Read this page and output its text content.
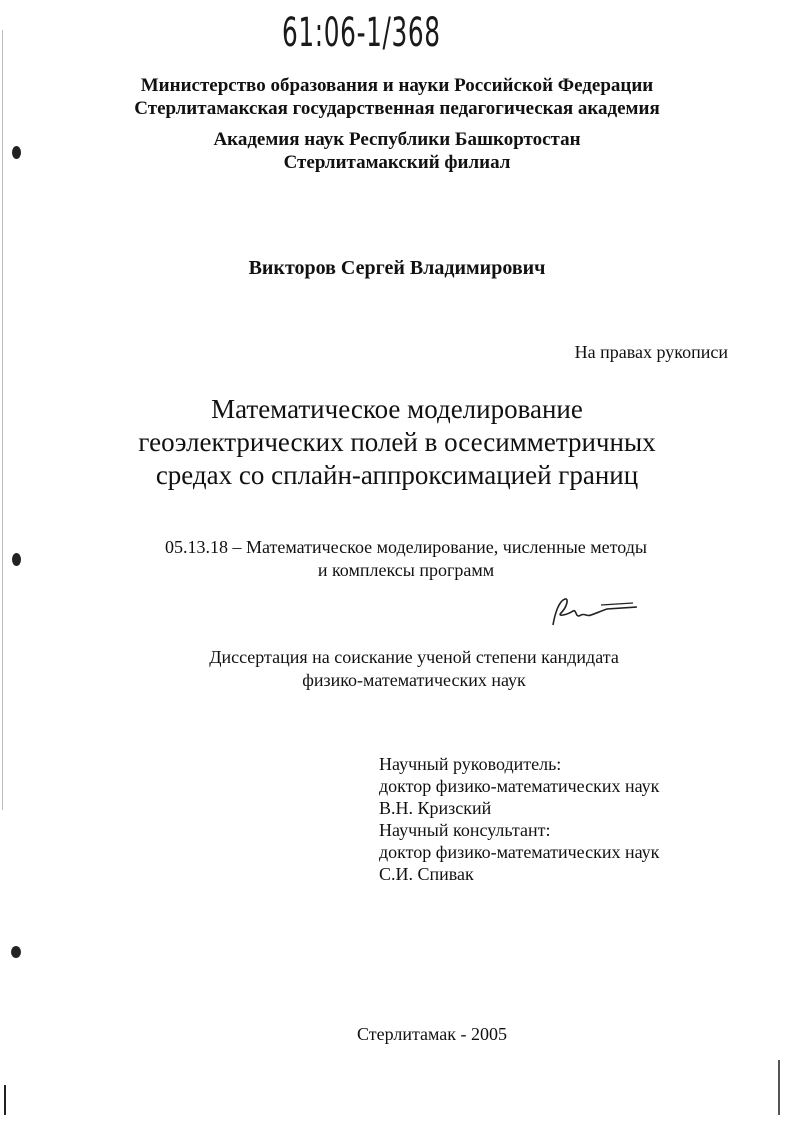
61:06-1/368
Министерство образования и науки Российской Федерации
Стерлитамакская государственная педагогическая академия
Академия наук Республики Башкортостан
Стерлитамакский филиал
Викторов Сергей Владимирович
На правах рукописи
Математическое моделирование
геоэлектрических полей в осесимметричных
средах со сплайн-аппроксимацией границ
05.13.18 – Математическое моделирование, численные методы
и комплексы программ
Диссертация на соискание ученой степени кандидата
физико-математических наук
Научный руководитель:
доктор физико-математических наук
В.Н. Кризский
Научный консультант:
доктор физико-математических наук
С.И. Спивак
Стерлитамак - 2005
